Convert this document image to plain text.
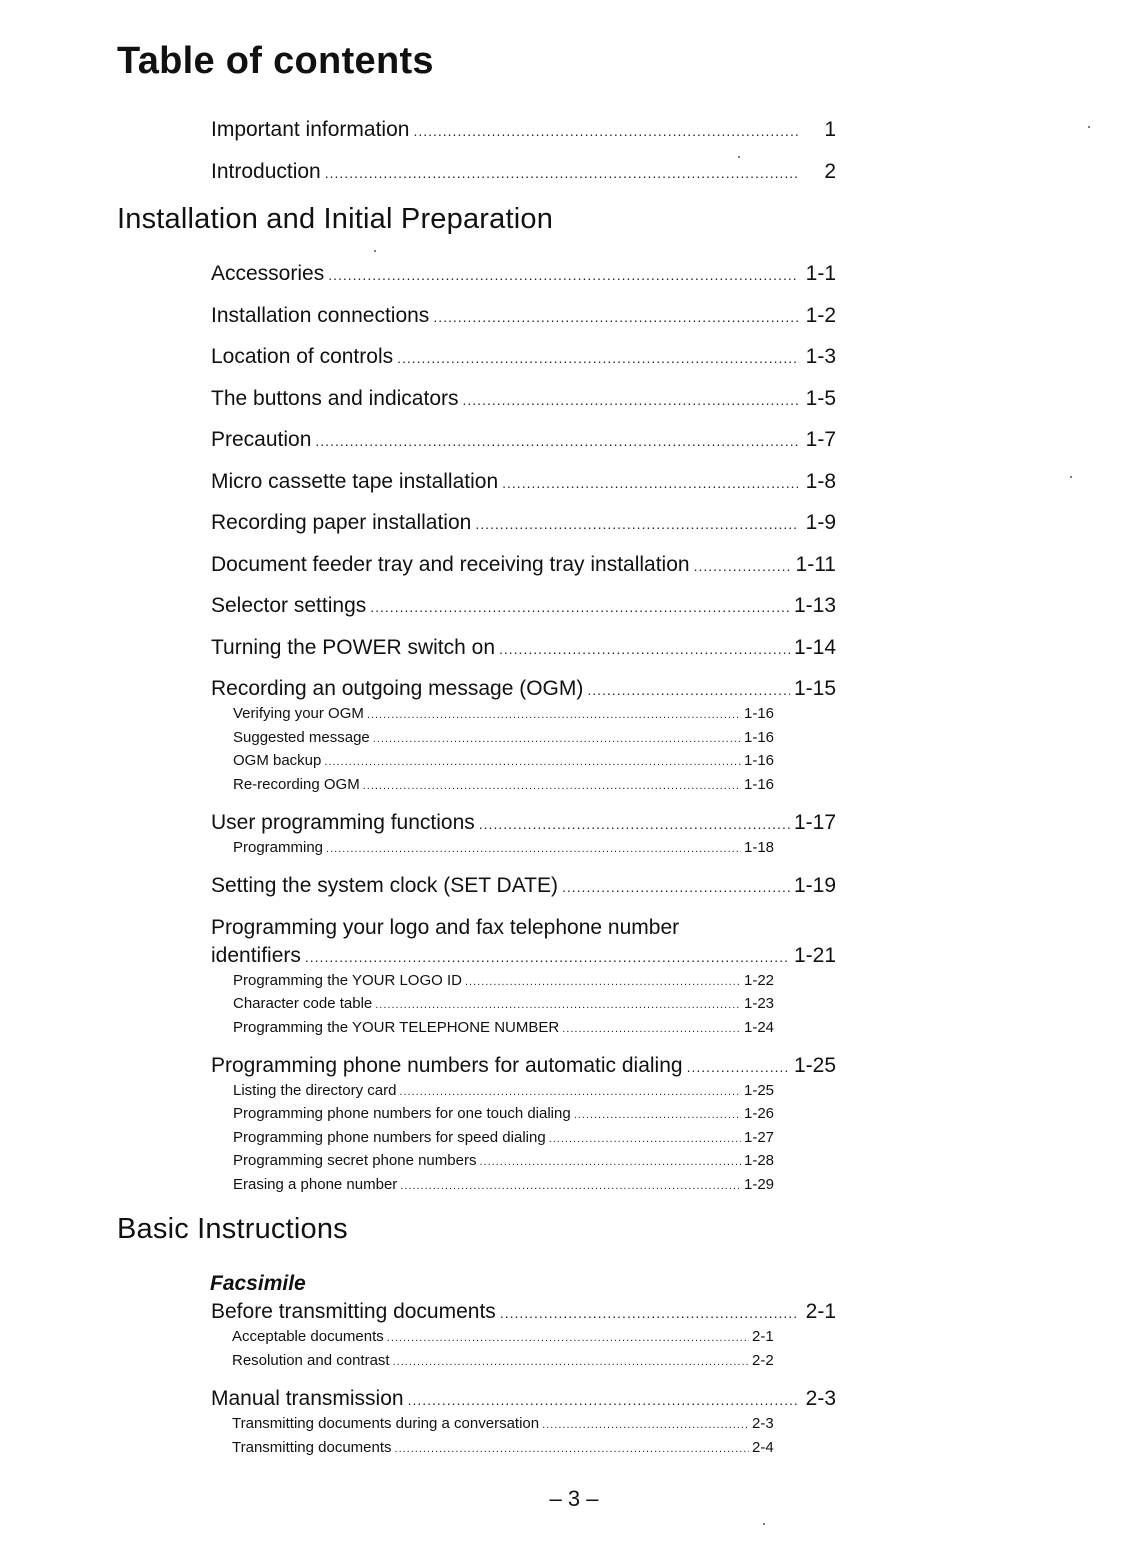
Table of contents
Important information .....	1
Introduction .....	2
Installation and Initial Preparation
Accessories .....	1-1
Installation connections .....	1-2
Location of controls .....	1-3
The buttons and indicators .....	1-5
Precaution .....	1-7
Micro cassette tape installation .....	1-8
Recording paper installation .....	1-9
Document feeder tray and receiving tray installation .....	1-11
Selector settings .....	1-13
Turning the POWER switch on .....	1-14
Recording an outgoing message (OGM) .....	1-15
Verifying your OGM .....	1-16
Suggested message .....	1-16
OGM backup .....	1-16
Re-recording OGM .....	1-16
User programming functions .....	1-17
Programming .....	1-18
Setting the system clock (SET DATE) .....	1-19
Programming your logo and fax telephone number
identifiers .....	1-21
Programming the YOUR LOGO ID .....	1-22
Character code table .....	1-23
Programming the YOUR TELEPHONE NUMBER .....	1-24
Programming phone numbers for automatic dialing .....	1-25
Listing the directory card .....	1-25
Programming phone numbers for one touch dialing .....	1-26
Programming phone numbers for speed dialing .....	1-27
Programming secret phone numbers .....	1-28
Erasing a phone number .....	1-29
Basic Instructions
Facsimile
Before transmitting documents .....	2-1
Acceptable documents .....	2-1
Resolution and contrast .....	2-2
Manual transmission .....	2-3
Transmitting documents during a conversation .....	2-3
Transmitting documents .....	2-4
– 3 –
